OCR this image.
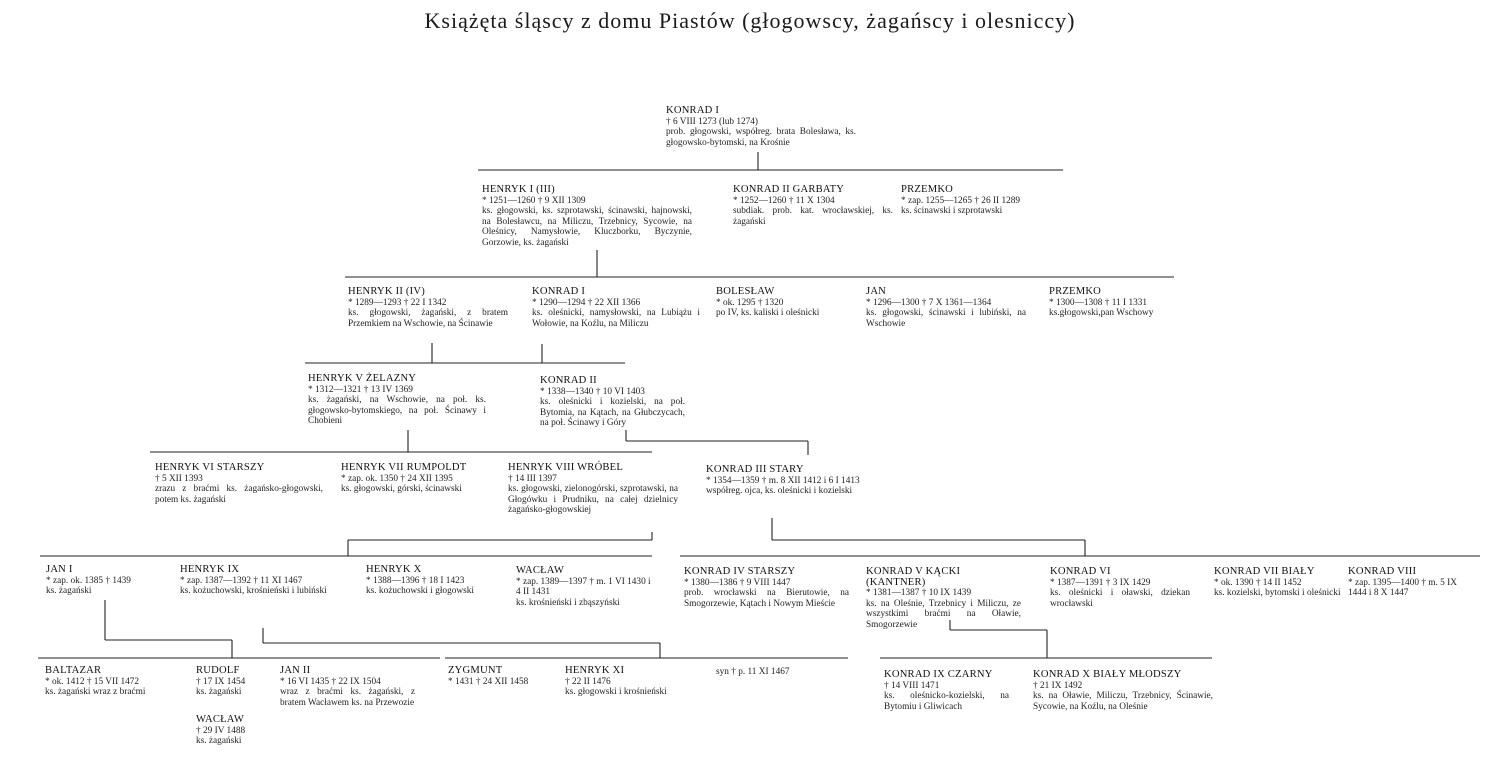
Książęta śląscy z domu Piastów (głogowscy, żagańscy i olesniccy)
KONRAD I
† 6 VIII 1273 (lub 1274)
prob. głogowski, współreg. brata Bolesława, ks. głogowsko-bytomski, na Krośnie
HENRYK I (III)
* 1251—1260 † 9 XII 1309
ks. głogowski, ks. szprotawski, ścinawski, hajnowski, na Bolesławcu, na Miliczu, Trzebnicy, Sycowie, na Oleśnicy, Namysłowie, Kluczborku, Byczynie, Gorzowie, ks. żagański
KONRAD II GARBATY
* 1252—1260 † 11 X 1304
subdiak. prob. kat. wrocławskiej, ks. żagański
PRZEMKO
* zap. 1255—1265 † 26 II 1289
ks. ścinawski i szprotawski
HENRYK II (IV)
* 1289—1293 † 22 I 1342
ks. głogowski, żagański, z bratem Przemkiem na Wschowie, na Ścinawie
KONRAD I
* 1290—1294 † 22 XII 1366
ks. oleśnicki, namysłowski, na Lubiążu i Wołowie, na Koźlu, na Miliczu
BOLESŁAW
* ok. 1295 † 1320
po IV, ks. kaliski i oleśnicki
JAN
* 1296—1300 † 7 X 1361—1364
ks. głogowski, ścinawski i lubiński, na Wschowie
PRZEMKO
* 1300—1308 † 11 I 1331
ks.głogowski,pan Wschowy
HENRYK V ŻELAZNY
* 1312—1321 † 13 IV 1369
ks. żagański, na Wschowie, na poł. ks. głogowsko-bytomskiego, na poł. Ścinawy i Chobieni
KONRAD II
* 1338—1340 † 10 VI 1403
ks. oleśnicki i kozielski, na poł. Bytomia, na Kątach, na Głubczycach, na poł. Ścinawy i Góry
HENRYK VI STARSZY
† 5 XII 1393
zrazu z braćmi ks. żagańsko-głogowski, potem ks. żagański
HENRYK VII RUMPOLDT
* zap. ok. 1350 † 24 XII 1395
ks. głogowski, górski, ścinawski
HENRYK VIII WRÓBEL
† 14 III 1397
ks. głogowski, zielonogórski, szprotawski, na Głogówku i Prudniku, na całej dzielnicy żagańsko-głogowskiej
KONRAD III STARY
* 1354—1359 † m. 8 XII 1412 i 6 I 1413
współreg. ojca, ks. oleśnicki i kozielski
JAN I
* zap. ok. 1385 † 1439
ks. żagański
HENRYK IX
* zap. 1387—1392 † 11 XI 1467
ks. kożuchowski, krośnieński i lubiński
HENRYK X
* 1388—1396 † 18 I 1423
ks. kożuchowski i głogowski
WACŁAW
* zap. 1389—1397 † m. 1 VI 1430 i 4 II 1431
ks. krośnieński i zbąszyński
KONRAD IV STARSZY
* 1380—1386 † 9 VIII 1447
prob. wrocławski na Bierutowie, na Smogorzewie, Kątach i Nowym Mieście
KONRAD V KĄCKI (KANTNER)
* 1381—1387 † 10 IX 1439
ks. na Oleśnie, Trzebnicy i Miliczu, ze wszystkimi braćmi na Oławie, Smogorzewie
KONRAD VI
* 1387—1391 † 3 IX 1429
ks. oleśnicki i oławski, dziekan wrocławski
KONRAD VII BIAŁY
* ok. 1390 † 14 II 1452
ks. kozielski, bytomski i oleśnicki
KONRAD VIII
* zap. 1395—1400 † m. 5 IX 1444 i 8 X 1447
BALTAZAR
* ok. 1412 † 15 VII 1472
ks. żagański wraz z braćmi
RUDOLF
† 17 IX 1454
ks. żagański
WACŁAW
† 29 IV 1488
ks. żagański
JAN II
* 16 VI 1435 † 22 IX 1504
wraz z braćmi ks. żagański, z bratem Wacławem ks. na Przewozie
ZYGMUNT
* 1431 † 24 XII 1458
HENRYK XI
† 22 II 1476
ks. głogowski i krośnieński
syn † p. 11 XI 1467	KONRAD IX CZARNY
† 14 VIII 1471
ks. oleśnicko-kozielski, na Bytomiu i Gliwicach
KONRAD X BIAŁY MŁODSZY
† 21 IX 1492
ks. na Oławie, Miliczu, Trzebnicy, Ścinawie, Sycowie, na Koźlu, na Oleśnie
